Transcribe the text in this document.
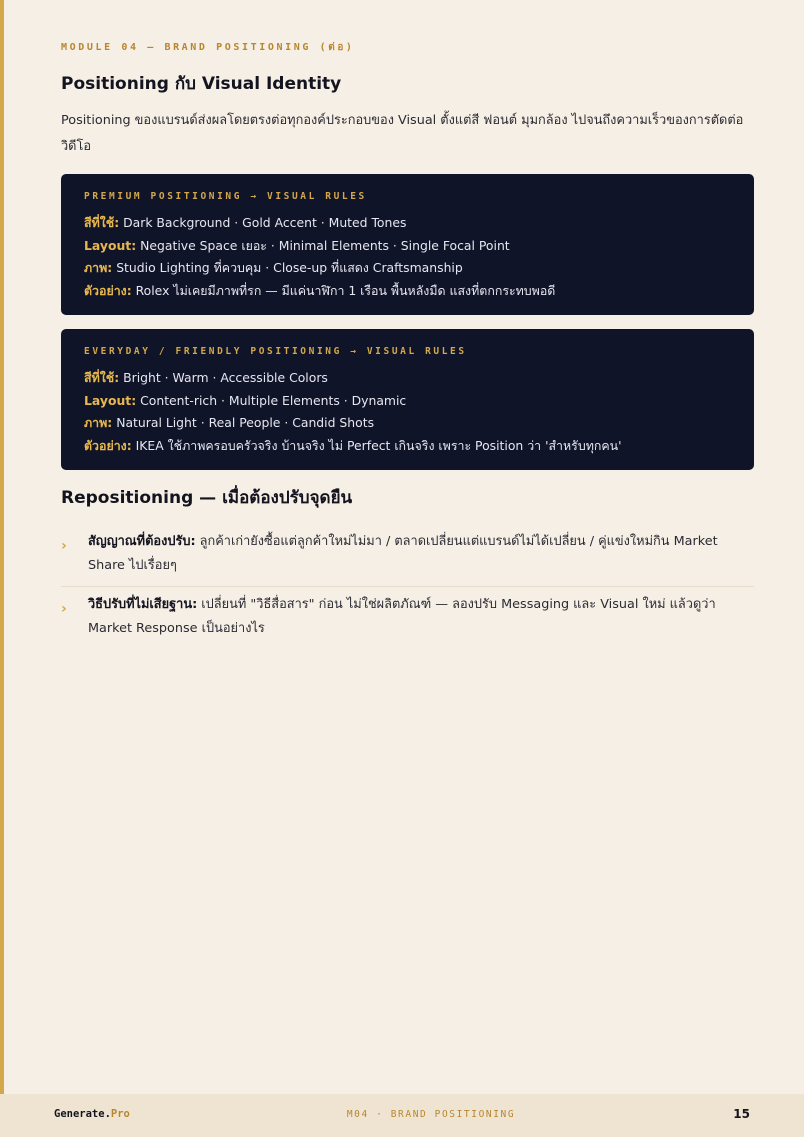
MODULE 04 — BRAND POSITIONING (ต่อ)
Positioning กับ Visual Identity

Positioning ของแบรนด์ส่งผลโดยตรงต่อทุกองค์ประกอบของ Visual ตั้งแต่สี ฟอนต์ มุมกล้อง ไปจนถึงความเร็วของการตัดต่อวิดีโอ

PREMIUM POSITIONING → VISUAL RULES
สีที่ใช้: Dark Background · Gold Accent · Muted Tones
Layout: Negative Space เยอะ · Minimal Elements · Single Focal Point
ภาพ: Studio Lighting ที่ควบคุม · Close-up ที่แสดง Craftsmanship
ตัวอย่าง: Rolex ไม่เคยมีภาพที่รก — มีแค่นาฬิกา 1 เรือน พื้นหลังมืด แสงที่ตกกระทบพอดี
EVERYDAY / FRIENDLY POSITIONING → VISUAL RULES
สีที่ใช้: Bright · Warm · Accessible Colors
Layout: Content-rich · Multiple Elements · Dynamic
ภาพ: Natural Light · Real People · Candid Shots
ตัวอย่าง: IKEA ใช้ภาพครอบครัวจริง บ้านจริง ไม่ Perfect เกินจริง เพราะ Position ว่า 'สำหรับทุกคน'
Repositioning — เมื่อต้องปรับจุดยืน
› สัญญาณที่ต้องปรับ: ลูกค้าเก่ายังซื้อแต่ลูกค้าใหม่ไม่มา / ตลาดเปลี่ยนแต่แบรนด์ไม่ได้เปลี่ยน / คู่แข่งใหม่กิน Market Share ไปเรื่อยๆ
› วิธีปรับที่ไม่เสียฐาน: เปลี่ยนที่ "วิธีสื่อสาร" ก่อน ไม่ใช่ผลิตภัณฑ์ — ลองปรับ Messaging และ Visual ใหม่ แล้วดูว่า Market Response เป็นอย่างไร
Generate.Pro	M04 · BRAND POSITIONING	15
